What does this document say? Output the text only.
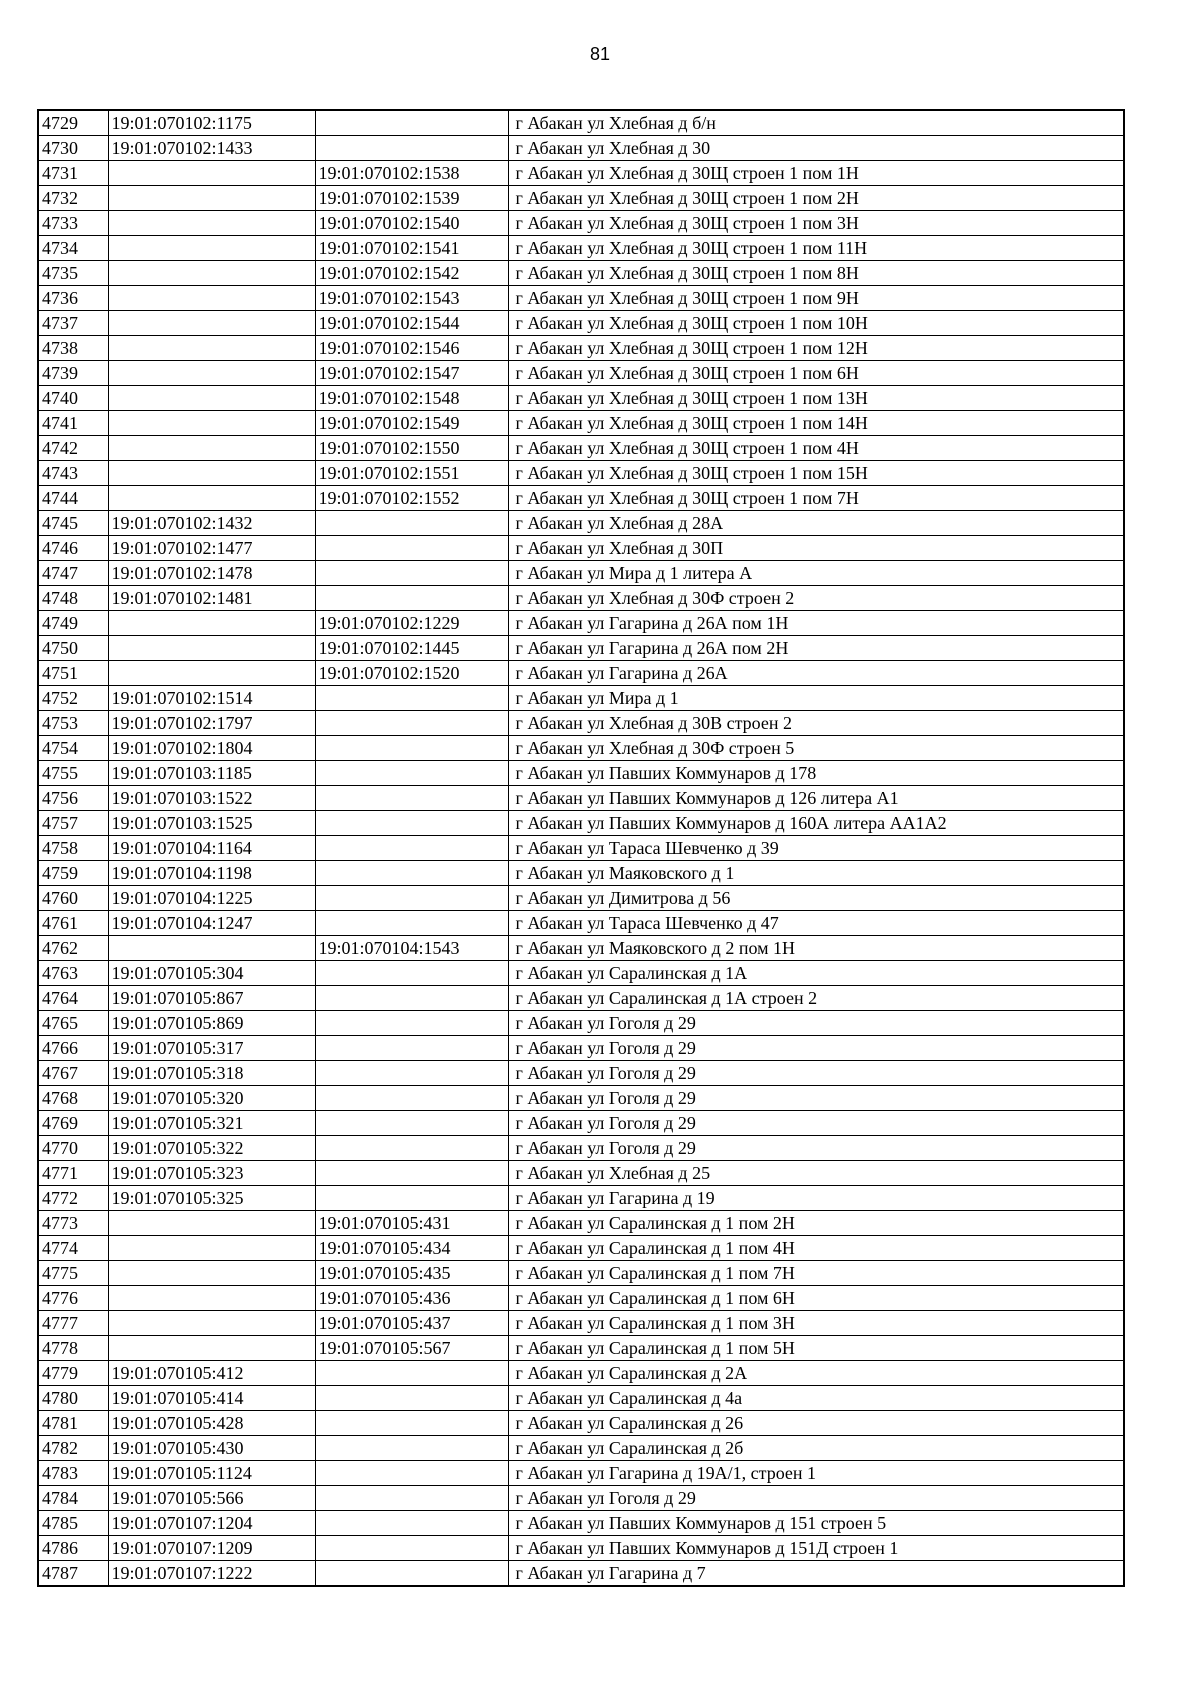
81
4729	19:01:070102:1175		г Абакан ул Хлебная д б/н
4730	19:01:070102:1433		г Абакан ул Хлебная д 30
4731		19:01:070102:1538	г Абакан ул Хлебная д 30Щ строен 1 пом 1Н
4732		19:01:070102:1539	г Абакан ул Хлебная д 30Щ строен 1 пом 2Н
4733		19:01:070102:1540	г Абакан ул Хлебная д 30Щ строен 1 пом 3Н
4734		19:01:070102:1541	г Абакан ул Хлебная д 30Щ строен 1 пом 11Н
4735		19:01:070102:1542	г Абакан ул Хлебная д 30Щ строен 1 пом 8Н
4736		19:01:070102:1543	г Абакан ул Хлебная д 30Щ строен 1 пом 9Н
4737		19:01:070102:1544	г Абакан ул Хлебная д 30Щ строен 1 пом 10Н
4738		19:01:070102:1546	г Абакан ул Хлебная д 30Щ строен 1 пом 12Н
4739		19:01:070102:1547	г Абакан ул Хлебная д 30Щ строен 1 пом 6Н
4740		19:01:070102:1548	г Абакан ул Хлебная д 30Щ строен 1 пом 13Н
4741		19:01:070102:1549	г Абакан ул Хлебная д 30Щ строен 1 пом 14Н
4742		19:01:070102:1550	г Абакан ул Хлебная д 30Щ строен 1 пом 4Н
4743		19:01:070102:1551	г Абакан ул Хлебная д 30Щ строен 1 пом 15Н
4744		19:01:070102:1552	г Абакан ул Хлебная д 30Щ строен 1 пом 7Н
4745	19:01:070102:1432		г Абакан ул Хлебная д 28А
4746	19:01:070102:1477		г Абакан ул Хлебная д 30П
4747	19:01:070102:1478		г Абакан ул Мира д 1 литера А
4748	19:01:070102:1481		г Абакан ул Хлебная д 30Ф строен 2
4749		19:01:070102:1229	г Абакан ул Гагарина д 26А пом 1Н
4750		19:01:070102:1445	г Абакан ул Гагарина д 26А пом 2Н
4751		19:01:070102:1520	г Абакан ул Гагарина д 26А
4752	19:01:070102:1514		г Абакан ул Мира д 1
4753	19:01:070102:1797		г Абакан ул Хлебная д 30В строен 2
4754	19:01:070102:1804		г Абакан ул Хлебная д 30Ф строен 5
4755	19:01:070103:1185		г Абакан ул Павших Коммунаров д 178
4756	19:01:070103:1522		г Абакан ул Павших Коммунаров д 126 литера А1
4757	19:01:070103:1525		г Абакан ул Павших Коммунаров д 160А литера АА1А2
4758	19:01:070104:1164		г Абакан ул Тараса Шевченко д 39
4759	19:01:070104:1198		г Абакан ул Маяковского д 1
4760	19:01:070104:1225		г Абакан ул Димитрова д 56
4761	19:01:070104:1247		г Абакан ул Тараса Шевченко д 47
4762		19:01:070104:1543	г Абакан ул Маяковского д 2 пом 1Н
4763	19:01:070105:304		г Абакан ул Саралинская д 1А
4764	19:01:070105:867		г Абакан ул Саралинская д 1А строен 2
4765	19:01:070105:869		г Абакан ул Гоголя д 29
4766	19:01:070105:317		г Абакан ул Гоголя д 29
4767	19:01:070105:318		г Абакан ул Гоголя д 29
4768	19:01:070105:320		г Абакан ул Гоголя д 29
4769	19:01:070105:321		г Абакан ул Гоголя д 29
4770	19:01:070105:322		г Абакан ул Гоголя д 29
4771	19:01:070105:323		г Абакан ул Хлебная д 25
4772	19:01:070105:325		г Абакан ул Гагарина д 19
4773		19:01:070105:431	г Абакан ул Саралинская д 1 пом 2Н
4774		19:01:070105:434	г Абакан ул Саралинская д 1 пом 4Н
4775		19:01:070105:435	г Абакан ул Саралинская д 1 пом 7Н
4776		19:01:070105:436	г Абакан ул Саралинская д 1 пом 6Н
4777		19:01:070105:437	г Абакан ул Саралинская д 1 пом 3Н
4778		19:01:070105:567	г Абакан ул Саралинская д 1 пом 5Н
4779	19:01:070105:412		г Абакан ул Саралинская д 2А
4780	19:01:070105:414		г Абакан ул Саралинская д 4а
4781	19:01:070105:428		г Абакан ул Саралинская д 26
4782	19:01:070105:430		г Абакан ул Саралинская д 2б
4783	19:01:070105:1124		г Абакан ул Гагарина д 19А/1, строен 1
4784	19:01:070105:566		г Абакан ул Гоголя д 29
4785	19:01:070107:1204		г Абакан ул Павших Коммунаров д 151 строен 5
4786	19:01:070107:1209		г Абакан ул Павших Коммунаров д 151Д строен 1
4787	19:01:070107:1222		г Абакан ул Гагарина д 7
